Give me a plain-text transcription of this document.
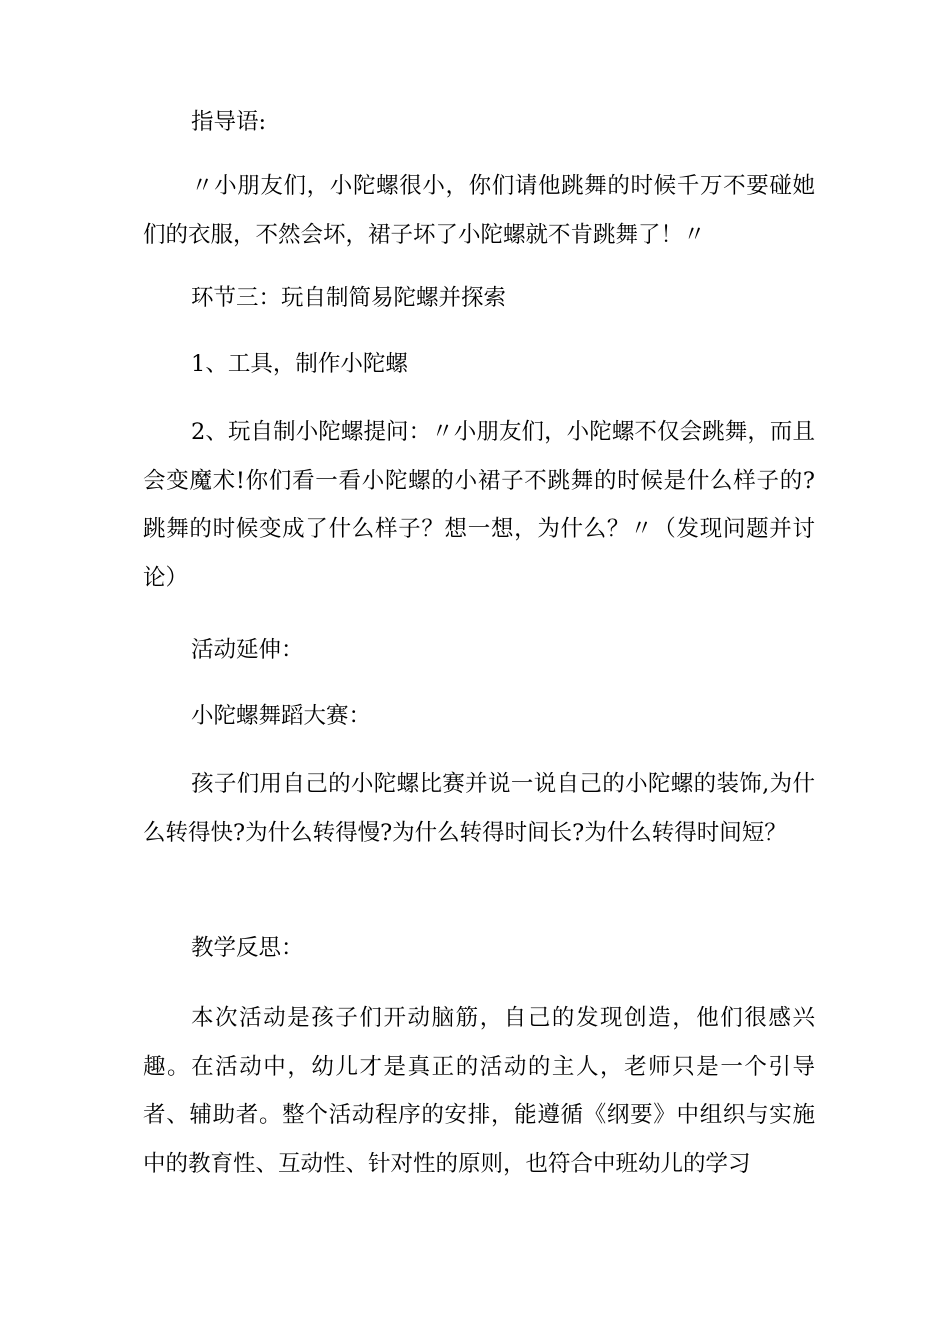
指导语:

〃小朋友们，小陀螺很小，你们请他跳舞的时候千万不要碰她们的衣服，不然会坏，裙子坏了小陀螺就不肯跳舞了！〃

环节三：玩自制简易陀螺并探索

1、工具，制作小陀螺

2、玩自制小陀螺提问：〃小朋友们，小陀螺不仅会跳舞，而且会变魔术!你们看一看小陀螺的小裙子不跳舞的时候是什么样子的?跳舞的时候变成了什么样子？想一想，为什么？〃（发现问题并讨论）

活动延伸：

小陀螺舞蹈大赛：

孩子们用自己的小陀螺比赛并说一说自己的小陀螺的装饰,为什么转得快?为什么转得慢?为什么转得时间长?为什么转得时间短？

教学反思：

本次活动是孩子们开动脑筋，自己的发现创造，他们很感兴趣。在活动中，幼儿才是真正的活动的主人，老师只是一个引导者、辅助者。整个活动程序的安排，能遵循《纲要》中组织与实施中的教育性、互动性、针对性的原则，也符合中班幼儿的学习
